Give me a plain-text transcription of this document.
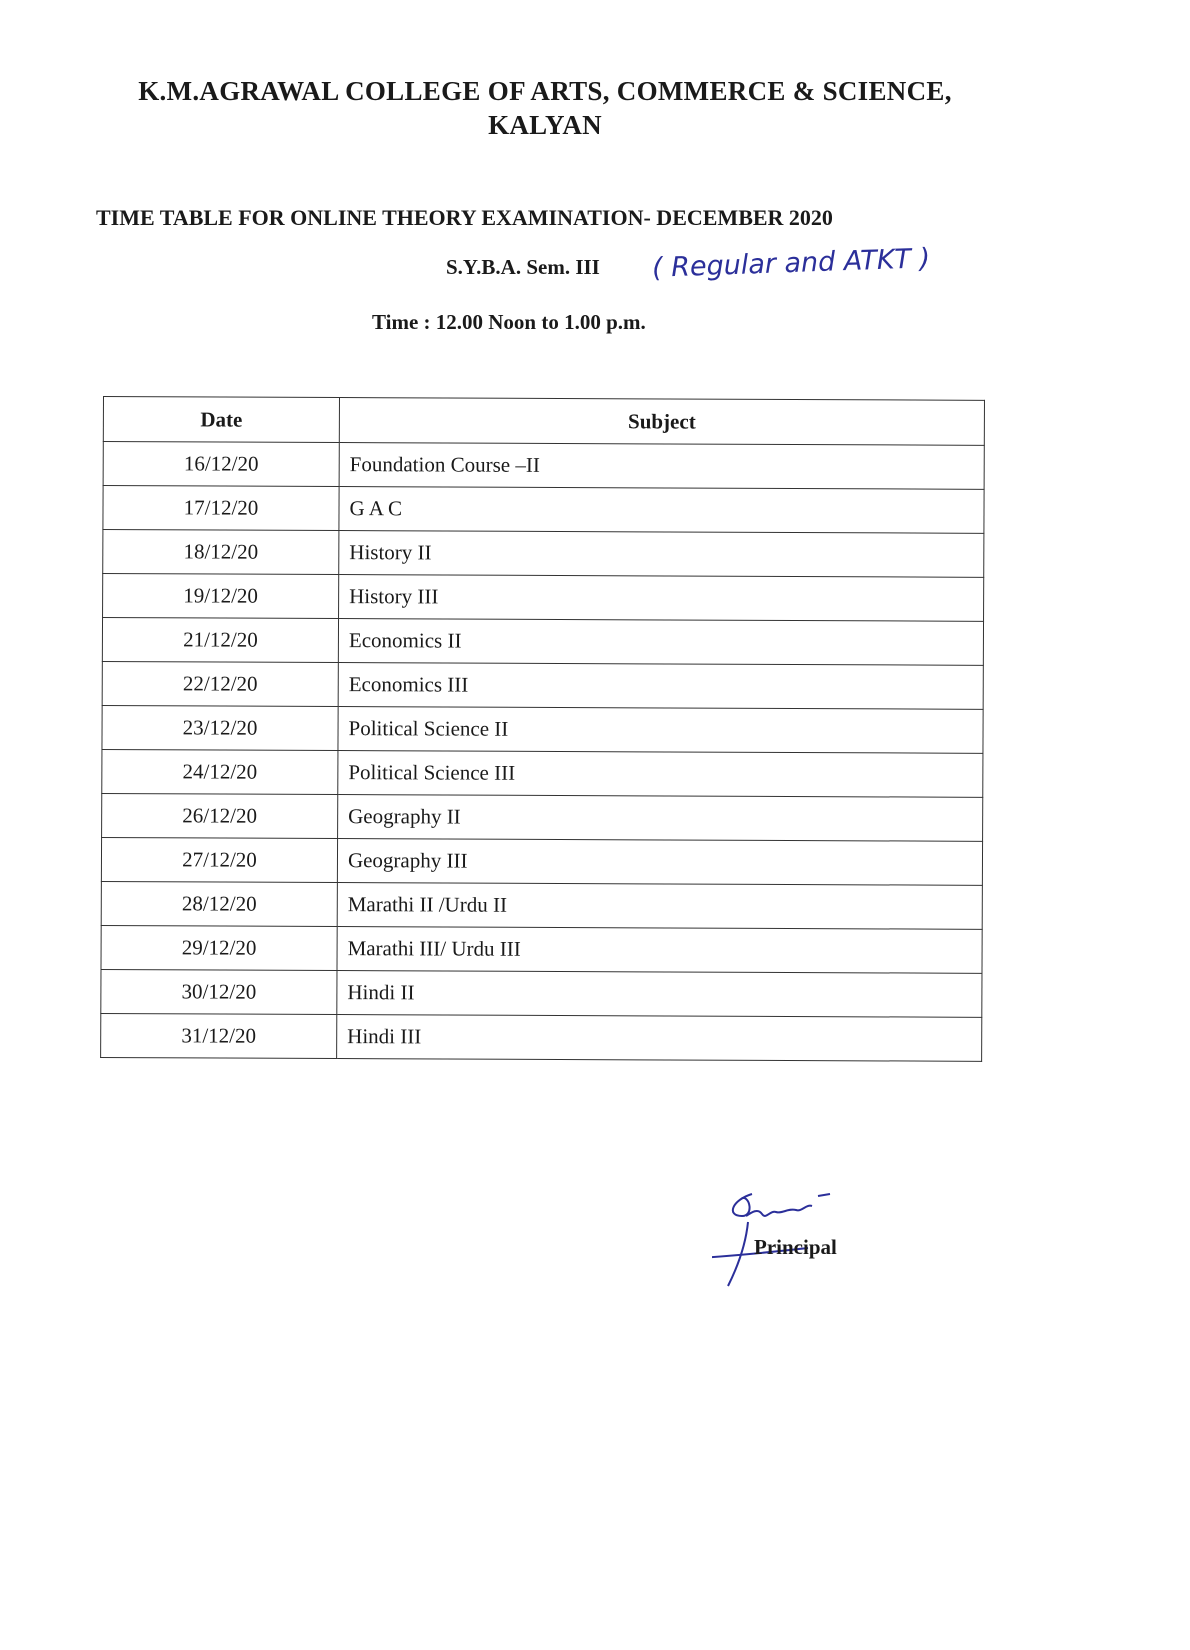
K.M.AGRAWAL COLLEGE OF ARTS, COMMERCE & SCIENCE,
KALYAN
TIME TABLE FOR ONLINE THEORY EXAMINATION- DECEMBER 2020
S.Y.B.A. Sem. III ( Regular and ATKT )
Time : 12.00 Noon to 1.00 p.m.
Date	Subject
16/12/20	Foundation Course –II
17/12/20	G A C
18/12/20	History II
19/12/20	History III
21/12/20	Economics II
22/12/20	Economics III
23/12/20	Political Science II
24/12/20	Political Science III
26/12/20	Geography II
27/12/20	Geography III
28/12/20	Marathi II /Urdu II
29/12/20	Marathi III/ Urdu III
30/12/20	Hindi II
31/12/20	Hindi III
Principal
